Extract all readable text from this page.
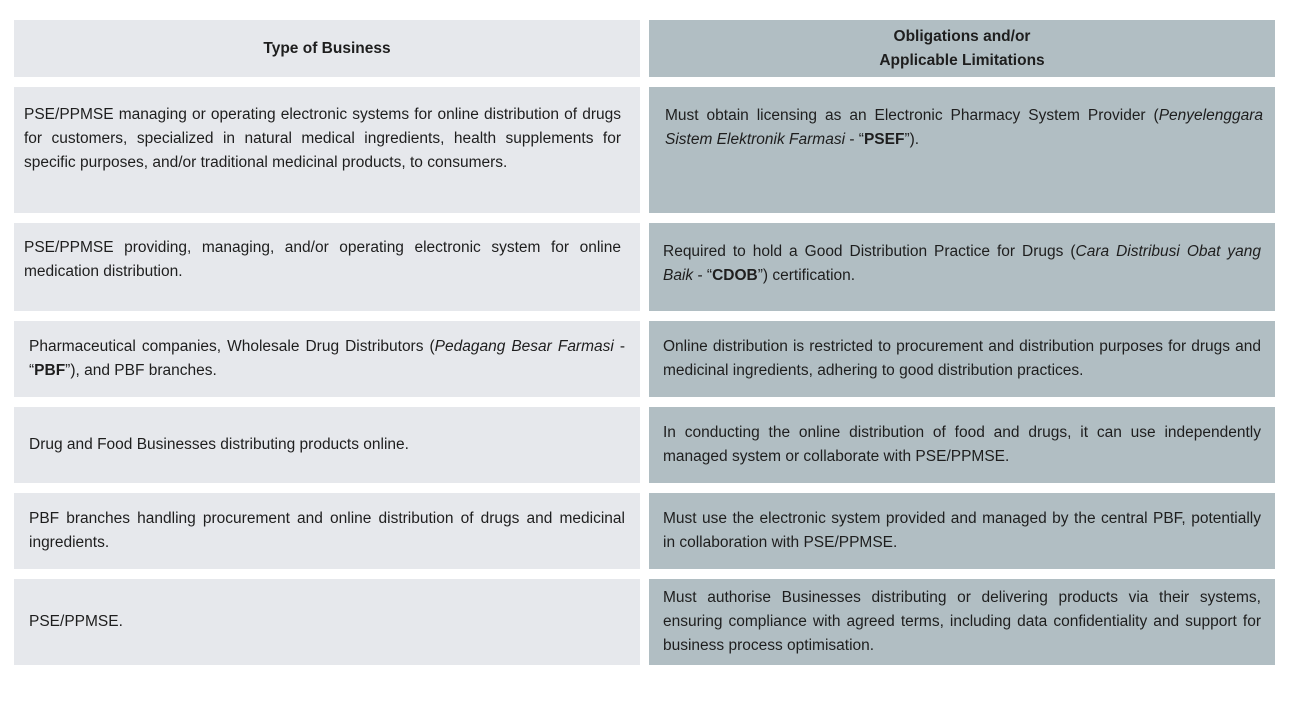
Type of Business
Obligations and/or
Applicable Limitations
PSE/PPMSE managing or operating electronic systems for online distribution of drugs for customers, specialized in natural medical ingredients, health supplements for specific purposes, and/or traditional medicinal products, to consumers.
Must obtain licensing as an Electronic Pharmacy System Provider (Penyelenggara Sistem Elektronik Farmasi - “PSEF”).
PSE/PPMSE providing, managing, and/or operating electronic system for online medication distribution.
Required to hold a Good Distribution Practice for Drugs (Cara Distribusi Obat yang Baik - “CDOB”) certification.
Pharmaceutical companies, Wholesale Drug Distributors (Pedagang Besar Farmasi - “PBF”), and PBF branches.
Online distribution is restricted to procurement and distribution purposes for drugs and medicinal ingredients, adhering to good distribution practices.
Drug and Food Businesses distributing products online.
In conducting the online distribution of food and drugs, it can use independently managed system or collaborate with PSE/PPMSE.
PBF branches handling procurement and online distribution of drugs and medicinal ingredients.
Must use the electronic system provided and managed by the central PBF, potentially in collaboration with PSE/PPMSE.
PSE/PPMSE.
Must authorise Businesses distributing or delivering products via their systems, ensuring compliance with agreed terms, including data confidentiality and support for business process optimisation.
